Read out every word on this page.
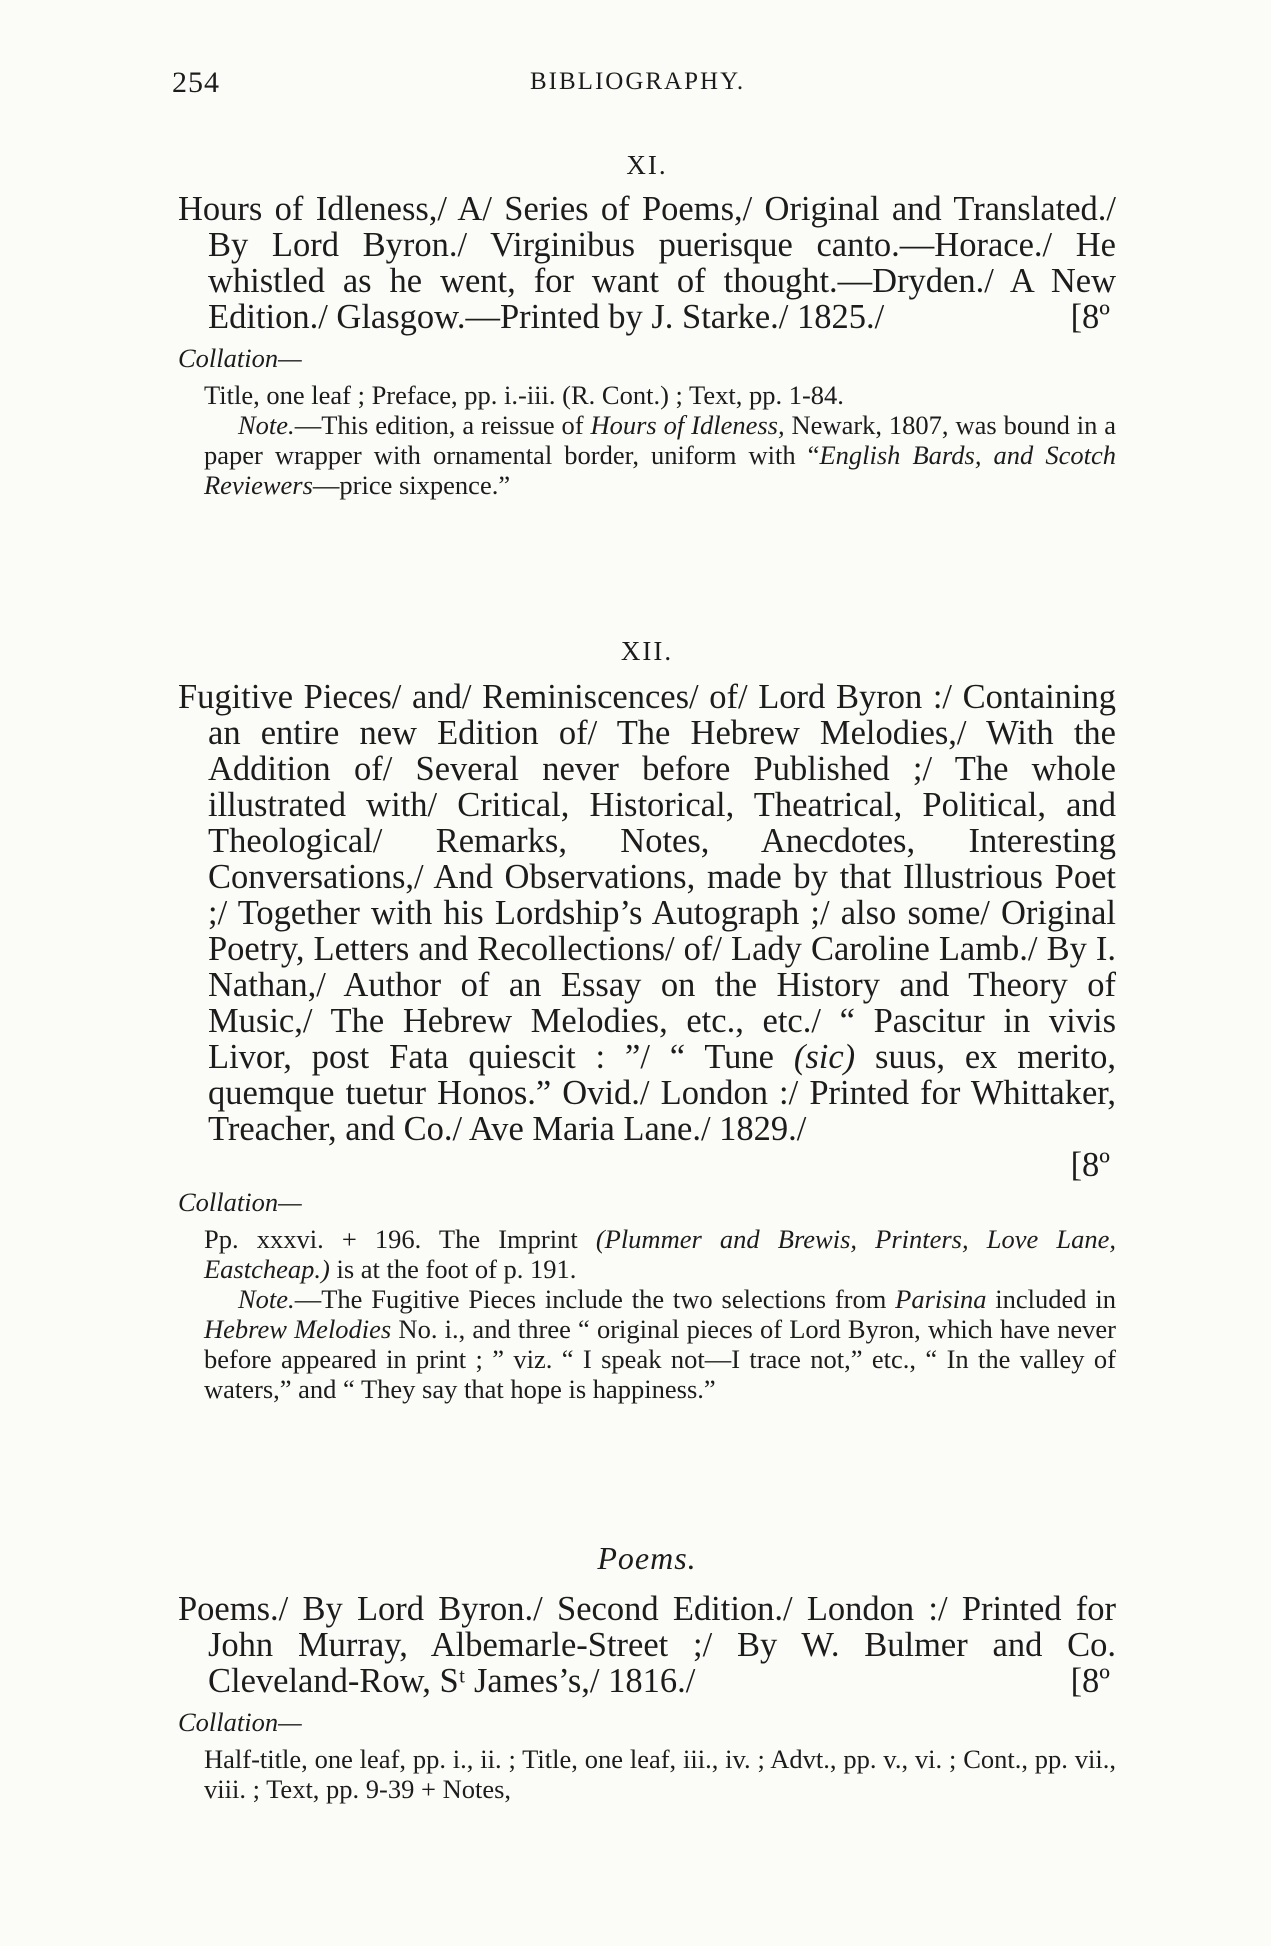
254	BIBLIOGRAPHY.

XI.

Hours of Idleness,/ A/ Series of Poems,/ Original and Translated./ By Lord Byron./ Virginibus puerisque canto.—Horace./ He whistled as he went, for want of thought.—Dryden./ A New Edition./ Glasgow.—Printed by J. Starke./ 1825./	[8º

Collation—

Title, one leaf ; Preface, pp. i.-iii. (R. Cont.) ; Text, pp. 1-84.

Note.—This edition, a reissue of Hours of Idleness, Newark, 1807, was bound in a paper wrapper with ornamental border, uniform with “English Bards, and Scotch Reviewers—price sixpence.”

XII.

Fugitive Pieces/ and/ Reminiscences/ of/ Lord Byron :/ Containing an entire new Edition of/ The Hebrew Melodies,/ With the Addition of/ Several never before Published ;/ The whole illustrated with/ Critical, Historical, Theatrical, Political, and Theological/ Remarks, Notes, Anecdotes, Interesting Conversations,/ And Observations, made by that Illustrious Poet ;/ Together with his Lordship’s Autograph ;/ also some/ Original Poetry, Letters and Recollections/ of/ Lady Caroline Lamb./ By I. Nathan,/ Author of an Essay on the History and Theory of Music,/ The Hebrew Melodies, etc., etc./ “ Pascitur in vivis Livor, post Fata quiescit : ”/ “ Tune (sic) suus, ex merito, quemque tuetur Honos.” Ovid./ London :/ Printed for Whittaker, Treacher, and Co./ Ave Maria Lane./ 1829./

[8º

Collation—

Pp. xxxvi. + 196. The Imprint (Plummer and Brewis, Printers, Love Lane, Eastcheap.) is at the foot of p. 191.

Note.—The Fugitive Pieces include the two selections from Parisina included in Hebrew Melodies No. i., and three “ original pieces of Lord Byron, which have never before appeared in print ; ” viz. “ I speak not—I trace not,” etc., “ In the valley of waters,” and “ They say that hope is happiness.”

Poems.

Poems./ By Lord Byron./ Second Edition./ London :/ Printed for John Murray, Albemarle-Street ;/ By W. Bulmer and Co. Cleveland-Row, Sᵗ James’s,/ 1816./	[8º

Collation—

Half-title, one leaf, pp. i., ii. ; Title, one leaf, iii., iv. ; Advt., pp. v., vi. ; Cont., pp. vii., viii. ; Text, pp. 9-39 + Notes,
